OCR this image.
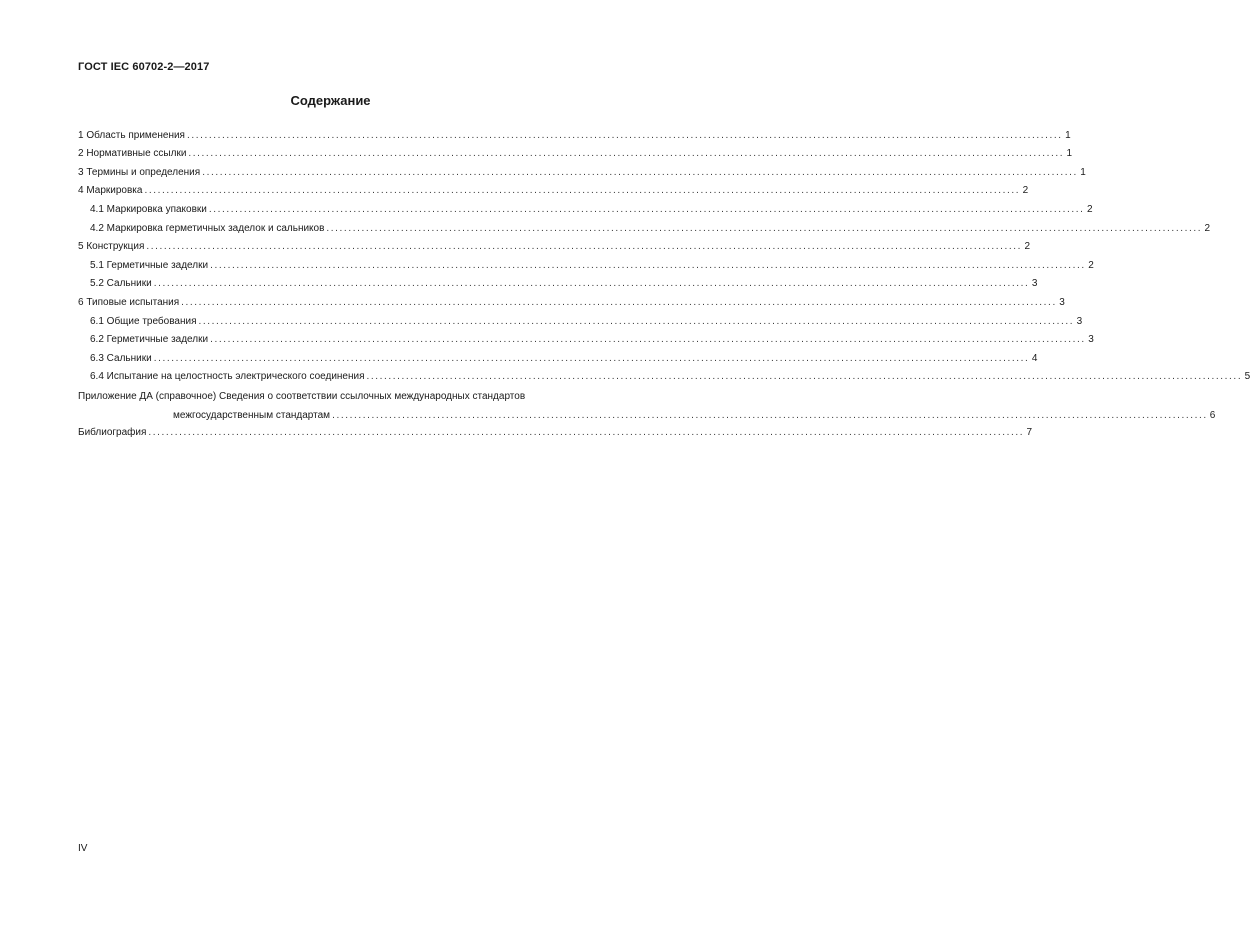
ГОСТ IEC 60702-2—2017
Содержание
1 Область применения ........................................................................................................................................................................................................ 1
2 Нормативные ссылки ........................................................................................................................................................................................................ 1
3 Термины и определения ........................................................................................................................................................................................................ 1
4 Маркировка ........................................................................................................................................................................................................ 2
4.1 Маркировка упаковки ........................................................................................................................................................................................................ 2
4.2 Маркировка герметичных заделок и сальников ........................................................................................................................................................................................................ 2
5 Конструкция ........................................................................................................................................................................................................ 2
5.1 Герметичные заделки ........................................................................................................................................................................................................ 2
5.2 Сальники ........................................................................................................................................................................................................ 3
6 Типовые испытания ........................................................................................................................................................................................................ 3
6.1 Общие требования ........................................................................................................................................................................................................ 3
6.2 Герметичные заделки ........................................................................................................................................................................................................ 3
6.3 Сальники ........................................................................................................................................................................................................ 4
6.4 Испытание на целостность электрического соединения ........................................................................................................................................................................................................ 5
Приложение ДА (справочное) Сведения о соответствии ссылочных международных стандартов
межгосударственным стандартам ........................................................................................................................................................................................................ 6
Библиография ........................................................................................................................................................................................................ 7
IV
